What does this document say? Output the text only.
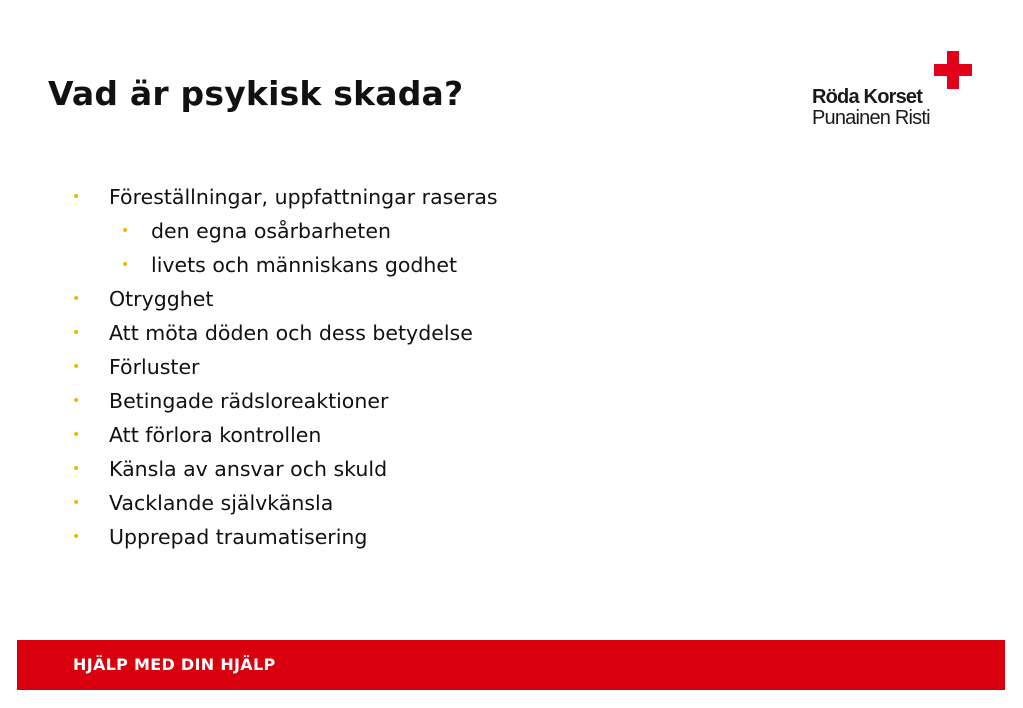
Vad är psykisk skada?	Röda Korset
Punainen Risti
• Föreställningar, uppfattningar raseras
• den egna osårbarheten
• livets och människans godhet
• Otrygghet
• Att möta döden och dess betydelse
• Förluster
• Betingade rädsloreaktioner
• Att förlora kontrollen
• Känsla av ansvar och skuld
• Vacklande självkänsla
• Upprepad traumatisering
HJÄLP MED DIN HJÄLP
